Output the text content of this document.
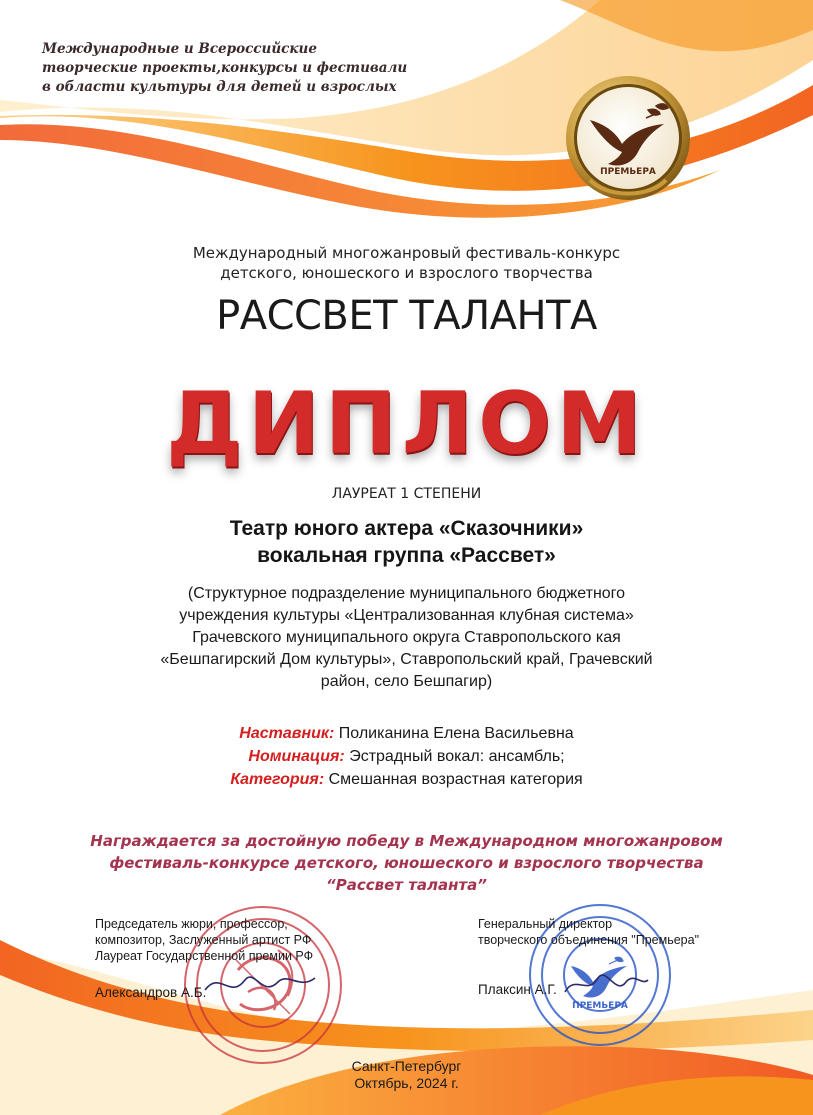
Международные и Всероссийские
творческие проекты,конкурсы и фестивали
в области культуры для детей и взрослых
ПРЕМЬЕРА
Международный многожанровый фестиваль-конкурс
детского, юношеского и взрослого творчества
РАССВЕТ ТАЛАНТА
ДИПЛОМ
ЛАУРЕАТ 1 СТЕПЕНИ
Театр юного актера «Сказочники»
вокальная группа «Рассвет»
(Структурное подразделение муниципального бюджетного
учреждения культуры «Централизованная клубная система»
Грачевского муниципального округа Ставропольского кая
«Бешпагирский Дом культуры», Ставропольский край, Грачевский
район, село Бешпагир)
Наставник: Поликанина Елена Васильевна
Номинация: Эстрадный вокал: ансамбль;
Категория: Смешанная возрастная категория
Награждается за достойную победу в Международном многожанровом
фестиваль-конкурсе детского, юношеского и взрослого творчества
“Рассвет таланта”
ПРЕМЬЕРА
Председатель жюри, профессор,
композитор, Заслуженный артист РФ
Лауреат Государственной премии РФ
Александров А.Б.
Генеральный директор
творческого объединения "Премьера"
Плаксин А.Г.
Санкт-Петербург
Октябрь, 2024 г.
